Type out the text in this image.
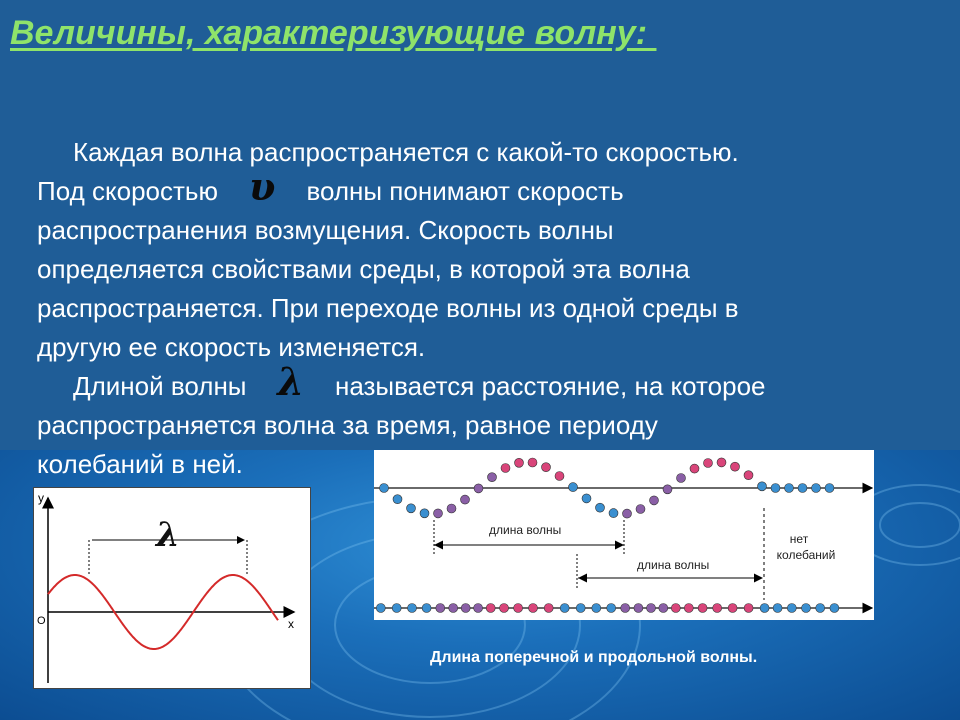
Величины, характеризующие волну:

Каждая волна распространяется с какой-то скоростью.
Под скоростью υ волны понимают скорость
распространения возмущения. Скорость волны
определяется свойствами среды, в которой эта волна
распространяется. При переходе волны из одной среды в
другую ее скорость изменяется.

Длиной волны λ называется расстояние, на которое
распространяется волна за время, равное периоду
колебаний в ней.

y
x
O
λ	длина волны
длина волны
нет
колебаний
Длина поперечной и продольной волны.
